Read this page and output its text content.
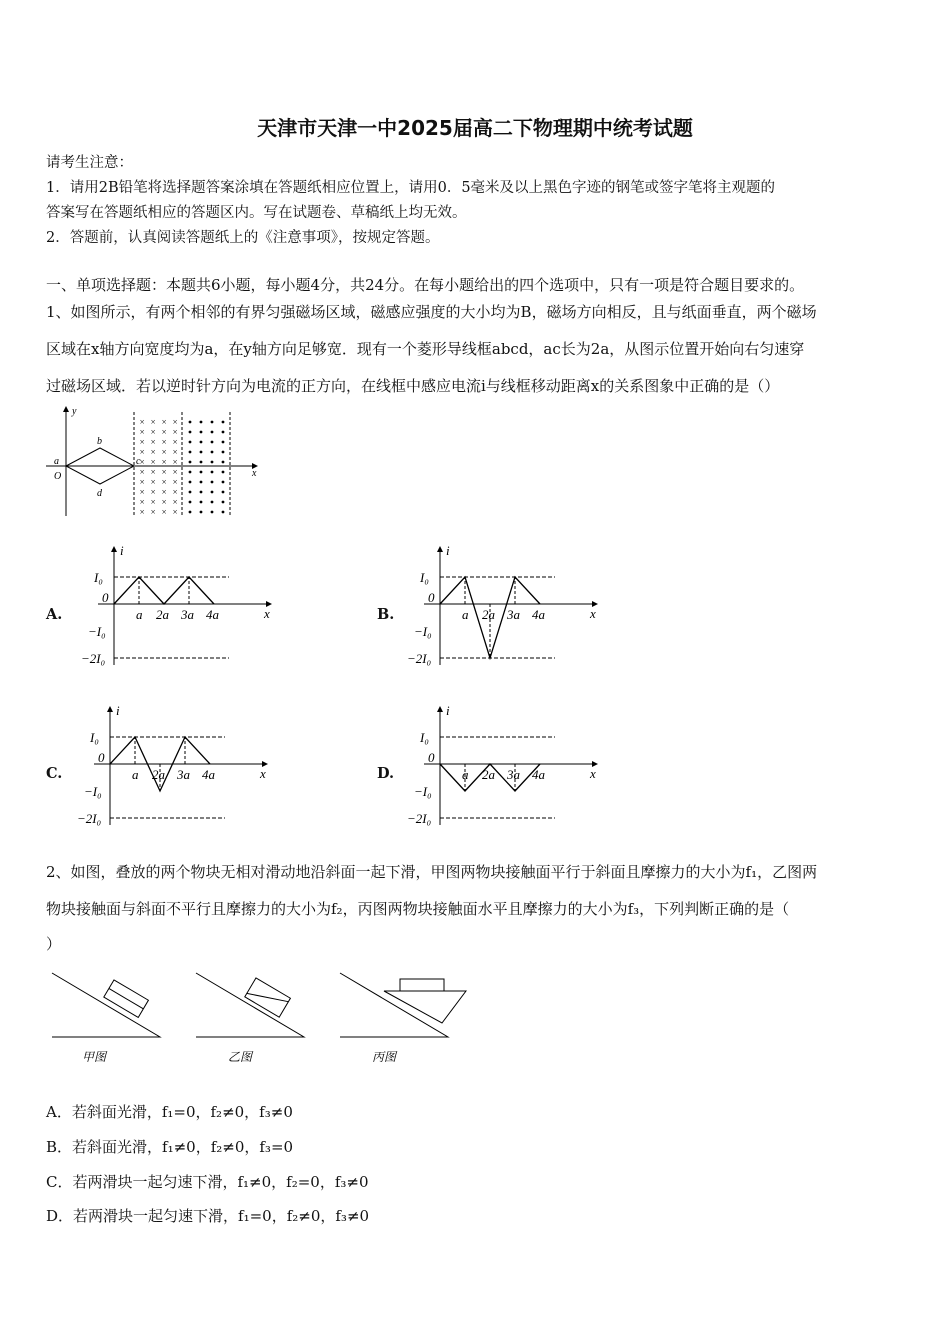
天津市天津一中2025届高二下物理期中统考试题
请考生注意：
1．请用2B铅笔将选择题答案涂填在答题纸相应位置上，请用0．5毫米及以上黑色字迹的钢笔或签字笔将主观题的
答案写在答题纸相应的答题区内。写在试题卷、草稿纸上均无效。
2．答题前，认真阅读答题纸上的《注意事项》，按规定答题。
一、单项选择题：本题共6小题，每小题4分，共24分。在每小题给出的四个选项中，只有一项是符合题目要求的。
1、如图所示，有两个相邻的有界匀强磁场区域，磁感应强度的大小均为B，磁场方向相反，且与纸面垂直，两个磁场
区域在x轴方向宽度均为a，在y轴方向足够宽．现有一个菱形导线框abcd，ac长为2a，从图示位置开始向右匀速穿
过磁场区域．若以逆时针方向为电流的正方向，在线框中感应电流i与线框移动距离x的关系图象中正确的是（）
× × × ×
× × × ×
× × × ×
× × × ×
× × × ×
× × × ×
× × × ×
× × × ×
× × × ×
× × × ×
y
x
a
b
c
d
O
A.	B.
C.	D.
i
x
0
I₀
−I₀
−2I₀
a 2a 3a 4a
i
x
0
I₀
−I₀
−2I₀
a 2a 3a 4a
i
x
0
I₀
−I₀
−2I₀
a 2a 3a 4a
i
x
0
I₀
−I₀
−2I₀
a 2a 3a 4a
2、如图，叠放的两个物块无相对滑动地沿斜面一起下滑，甲图两物块接触面平行于斜面且摩擦力的大小为f₁，乙图两
物块接触面与斜面不平行且摩擦力的大小为f₂，丙图两物块接触面水平且摩擦力的大小为f₃，下列判断正确的是（
）
甲图	乙图	丙图
A．若斜面光滑，f₁=0，f₂≠0，f₃≠0
B．若斜面光滑，f₁≠0，f₂≠0，f₃=0
C．若两滑块一起匀速下滑，f₁≠0，f₂=0，f₃≠0
D．若两滑块一起匀速下滑，f₁=0，f₂≠0，f₃≠0
